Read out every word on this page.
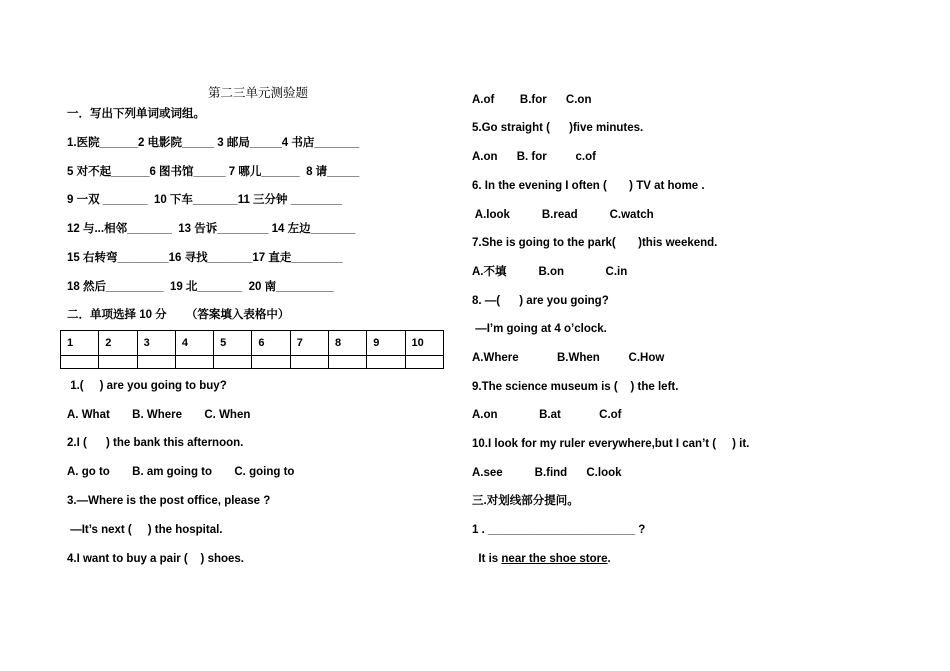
第二三单元测验题
一．写出下列单词或词组。
1.医院______2 电影院_____ 3 邮局_____4 书店_______
5 对不起______6 图书馆_____ 7 哪儿______  8 请_____
9 一双 _______  10 下车_______11 三分钟 ________
12 与...相邻_______  13 告诉________ 14 左边_______
15 右转弯________16 寻找_______17 直走________
18 然后_________  19 北_______  20 南_________
二．单项选择 10 分      （答案填入表格中）
1	2	3	4	5	6	7	8	9	10

1.(     ) are you going to buy?
A. What       B. Where       C. When
2.I (      ) the bank this afternoon.
A. go to       B. am going to       C. going to
3.—Where is the post office, please ?
—It’s next (     ) the hospital.
4.I want to buy a pair (    ) shoes.
A.of        B.for      C.on
5.Go straight (      )five minutes.
A.on      B. for         c.of
6. In the evening I often (       ) TV at home .
A.look          B.read          C.watch
7.She is going to the park(       )this weekend.
A.不填          B.on             C.in
8. —(      ) are you going?
—I’m going at 4 o’clock.
A.Where            B.When         C.How
9.The science museum is (    ) the left.
A.on             B.at            C.of
10.I look for my ruler everywhere,but I can’t (     ) it.
A.see          B.find      C.look
三.对划线部分提问。
1 . _______________________ ?
It is near the shoe store.
